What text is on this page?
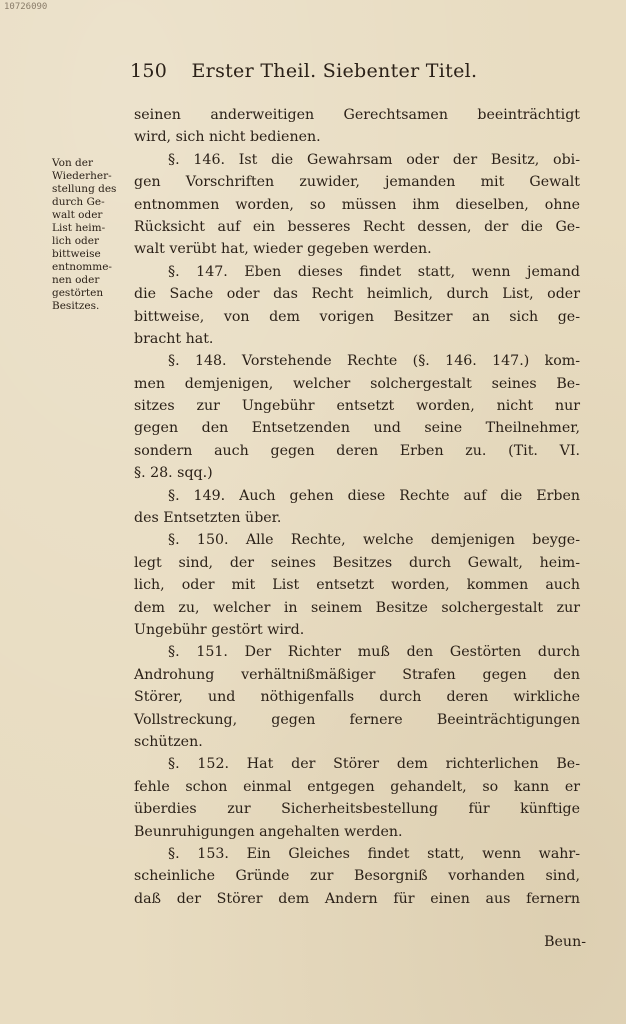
10726090
150 Erster Theil. Siebenter Titel.
Von der
Wiederher-
stellung des
durch Ge-
walt oder
List heim-
lich oder
bittweise
entnomme-
nen oder
gestörten
Besitzes.
seinen anderweitigen Gerechtsamen beeinträchtigt
wird, sich nicht bedienen.
§. 146. Ist die Gewahrsam oder der Besitz, obi-
gen Vorschriften zuwider, jemanden mit Gewalt
entnommen worden, so müssen ihm dieselben, ohne
Rücksicht auf ein besseres Recht dessen, der die Ge-
walt verübt hat, wieder gegeben werden.
§. 147. Eben dieses findet statt, wenn jemand
die Sache oder das Recht heimlich, durch List, oder
bittweise, von dem vorigen Besitzer an sich ge-
bracht hat.
§. 148. Vorstehende Rechte (§. 146. 147.) kom-
men demjenigen, welcher solchergestalt seines Be-
sitzes zur Ungebühr entsetzt worden, nicht nur
gegen den Entsetzenden und seine Theilnehmer,
sondern auch gegen deren Erben zu. (Tit. VI.
§. 28. sqq.)
§. 149. Auch gehen diese Rechte auf die Erben
des Entsetzten über.
§. 150. Alle Rechte, welche demjenigen beyge-
legt sind, der seines Besitzes durch Gewalt, heim-
lich, oder mit List entsetzt worden, kommen auch
dem zu, welcher in seinem Besitze solchergestalt zur
Ungebühr gestört wird.
§. 151. Der Richter muß den Gestörten durch
Androhung verhältnißmäßiger Strafen gegen den
Störer, und nöthigenfalls durch deren wirkliche
Vollstreckung, gegen fernere Beeinträchtigungen
schützen.
§. 152. Hat der Störer dem richterlichen Be-
fehle schon einmal entgegen gehandelt, so kann er
überdies zur Sicherheitsbestellung für künftige
Beunruhigungen angehalten werden.
§. 153. Ein Gleiches findet statt, wenn wahr-
scheinliche Gründe zur Besorgniß vorhanden sind,
daß der Störer dem Andern für einen aus fernern
Beun-
